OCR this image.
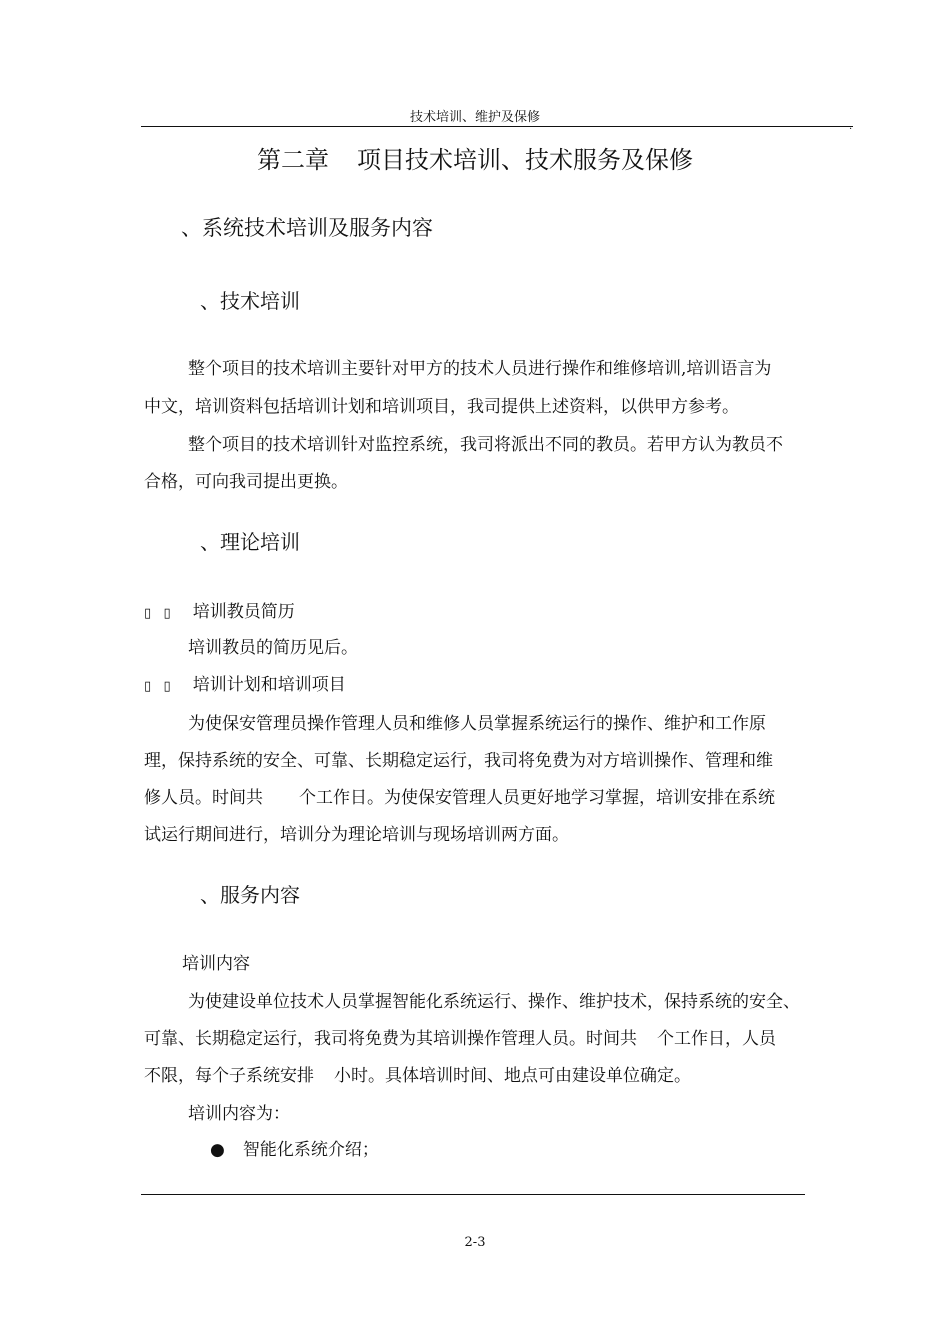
技术培训、维护及保修
.
第二章 项目技术培训、技术服务及保修
、系统技术培训及服务内容
、技术培训
整个项目的技术培训主要针对甲方的技术人员进行操作和维修培训,培训语言为
中文，培训资料包括培训计划和培训项目，我司提供上述资料，以供甲方参考。
整个项目的技术培训针对监控系统，我司将派出不同的教员。若甲方认为教员不
合格，可向我司提出更换。
、理论培训
▯   ▯ 培训教员简历
培训教员的简历见后。
▯   ▯ 培训计划和培训项目
为使保安管理员操作管理人员和维修人员掌握系统运行的操作、维护和工作原
理，保持系统的安全、可靠、长期稳定运行，我司将免费为对方培训操作、管理和维
修人员。时间共 个工作日。为使保安管理人员更好地学习掌握，培训安排在系统
试运行期间进行，培训分为理论培训与现场培训两方面。
、服务内容
培训内容
为使建设单位技术人员掌握智能化系统运行、操作、维护技术，保持系统的安全、
可靠、长期稳定运行，我司将免费为其培训操作管理人员。时间共 个工作日，人员
不限，每个子系统安排 小时。具体培训时间、地点可由建设单位确定。
培训内容为：
● 智能化系统介绍；
2-3
